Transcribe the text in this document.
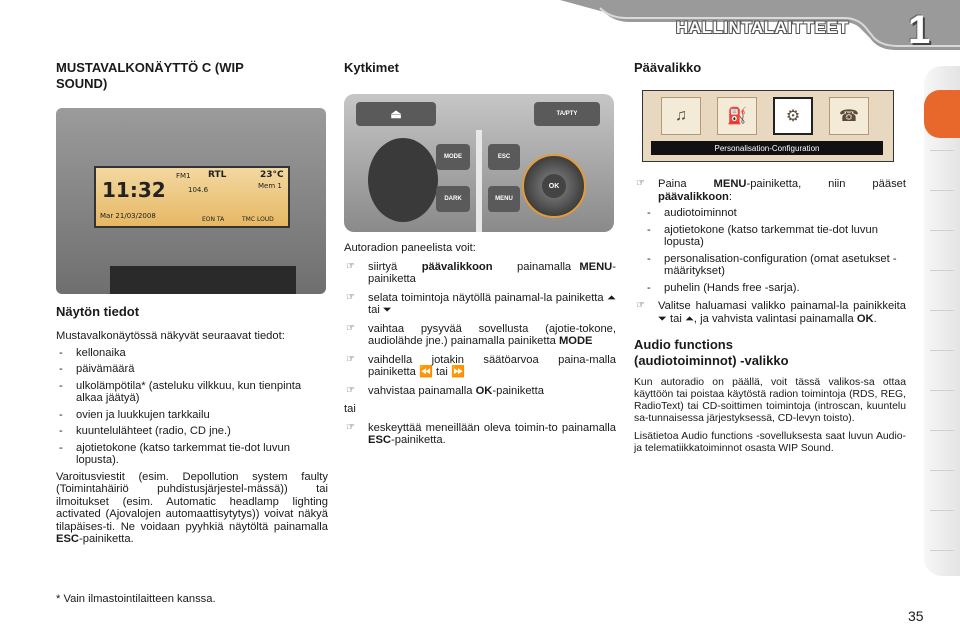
HALLINTALAITTEET 1
MUSTAVALKONÄYTTÖ C (WIP SOUND)
11:32
Mar 21/03/2008
FM1 RTL	23°C
Mem 1
104.6
EON TA	TMC LOUD
Näytön tiedot

Mustavalkonäytössä näkyvät seuraavat tiedot:

- kellonaika
- päivämäärä
- ulkolämpötila* (asteluku vilkkuu, kun tienpinta alkaa jäätyä)
- ovien ja luukkujen tarkkailu
- kuuntelulähteet (radio, CD jne.)
- ajotietokone (katso tarkemmat tie-dot luvun lopusta).

Varoitusviestit (esim. Depollution system faulty (Toimintahäiriö puhdistusjärjestel-mässä)) tai ilmoitukset (esim. Automatic headlamp lighting activated (Ajovalojen automaattisytytys)) voivat näkyä tilapäises-ti. Ne voidaan pyyhkiä näytöltä painamalla ESC-painiketta.

* Vain ilmastointilaitteen kanssa.
Kytkimet
⏏	TA/PTY
MODE
DARK
ESC
MENU
OK

Autoradion paneelista voit:

☞ siirtyä päävalikkoon painamalla MENU-painiketta
☞ selata toimintoja näytöllä painamal-la painiketta ⏶ tai ⏷
☞ vaihtaa pysyvää sovellusta (ajotie-tokone, audiolähde jne.) painamalla painiketta MODE
☞ vaihdella jotakin säätöarvoa paina-malla painiketta ⏪ tai ⏩
☞ vahvistaa painamalla OK-painiketta

tai

☞ keskeyttää meneillään oleva toimin-to painamalla ESC-painiketta.
Päävalikko
♫	⛽	⚙	☎
Personalisation-Configuration
☞ Paina MENU-painiketta, niin pääset päävalikkoon:
- audiotoiminnot
- ajotietokone (katso tarkemmat tie-dot luvun lopusta)
- personalisation-configuration (omat asetukset - määritykset)
- puhelin (Hands free -sarja).
☞ Valitse haluamasi valikko painamal-la painikkeita ⏷ tai ⏶, ja vahvista valintasi painamalla OK.
Audio functions (audiotoiminnot) -valikko

Kun autoradio on päällä, voit tässä valikos-sa ottaa käyttöön tai poistaa käytöstä radion toimintoja (RDS, REG, RadioText) tai CD-soittimen toimintoja (introscan, kuuntelu sa-tunnaisessa järjestyksessä, CD-levyn toisto).

Lisätietoa Audio functions -sovelluksesta saat luvun Audio- ja telematiikkatoiminnot osasta WIP Sound.

35
